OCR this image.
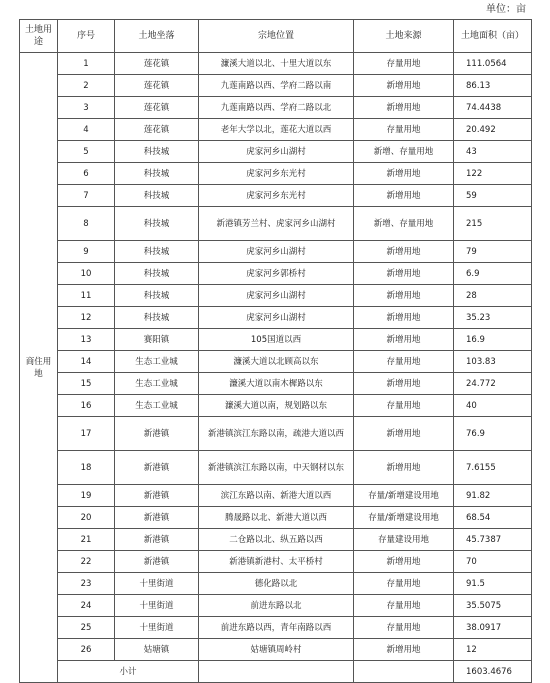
单位：亩
土地用途	序号	土地坐落	宗地位置	土地来源	土地面积（亩）
商住用地	1	莲花镇	濂溪大道以北、十里大道以东	存量用地	111.0564
	2	莲花镇	九莲南路以西、学府二路以南	新增用地	86.13
	3	莲花镇	九莲南路以西、学府二路以北	新增用地	74.4438
	4	莲花镇	老年大学以北，莲花大道以西	存量用地	20.492
	5	科技城	虎家河乡山湖村	新增、存量用地	43
	6	科技城	虎家河乡东光村	新增用地	122
	7	科技城	虎家河乡东光村	新增用地	59
	8	科技城	新港镇芳兰村、虎家河乡山湖村	新增、存量用地	215
	9	科技城	虎家河乡山湖村	新增用地	79
	10	科技城	虎家河乡郭桥村	新增用地	6.9
	11	科技城	虎家河乡山湖村	新增用地	28
	12	科技城	虎家河乡山湖村	新增用地	35.23
	13	赛阳镇	105国道以西	新增用地	16.9
	14	生态工业城	濂溪大道以北顾高以东	存量用地	103.83
	15	生态工业城	濂溪大道以南木樨路以东	新增用地	24.772
	16	生态工业城	濂溪大道以南，规划路以东	存量用地	40
	17	新港镇	新港镇滨江东路以南，疏港大道以西	新增用地	76.9
	18	新港镇	新港镇滨江东路以南，中天钢材以东	新增用地	7.6155
	19	新港镇	滨江东路以南、新港大道以西	存量/新增建设用地	91.82
	20	新港镇	腾晟路以北、新港大道以西	存量/新增建设用地	68.54
	21	新港镇	二仓路以北、纵五路以西	存量建设用地	45.7387
	22	新港镇	新港镇新港村、太平桥村	新增用地	70
	23	十里街道	德化路以北	存量用地	91.5
	24	十里街道	前进东路以北	存量用地	35.5075
	25	十里街道	前进东路以西，青年南路以西	存量用地	38.0917
	26	姑塘镇	姑塘镇周岭村	新增用地	12
	小计				1603.4676
